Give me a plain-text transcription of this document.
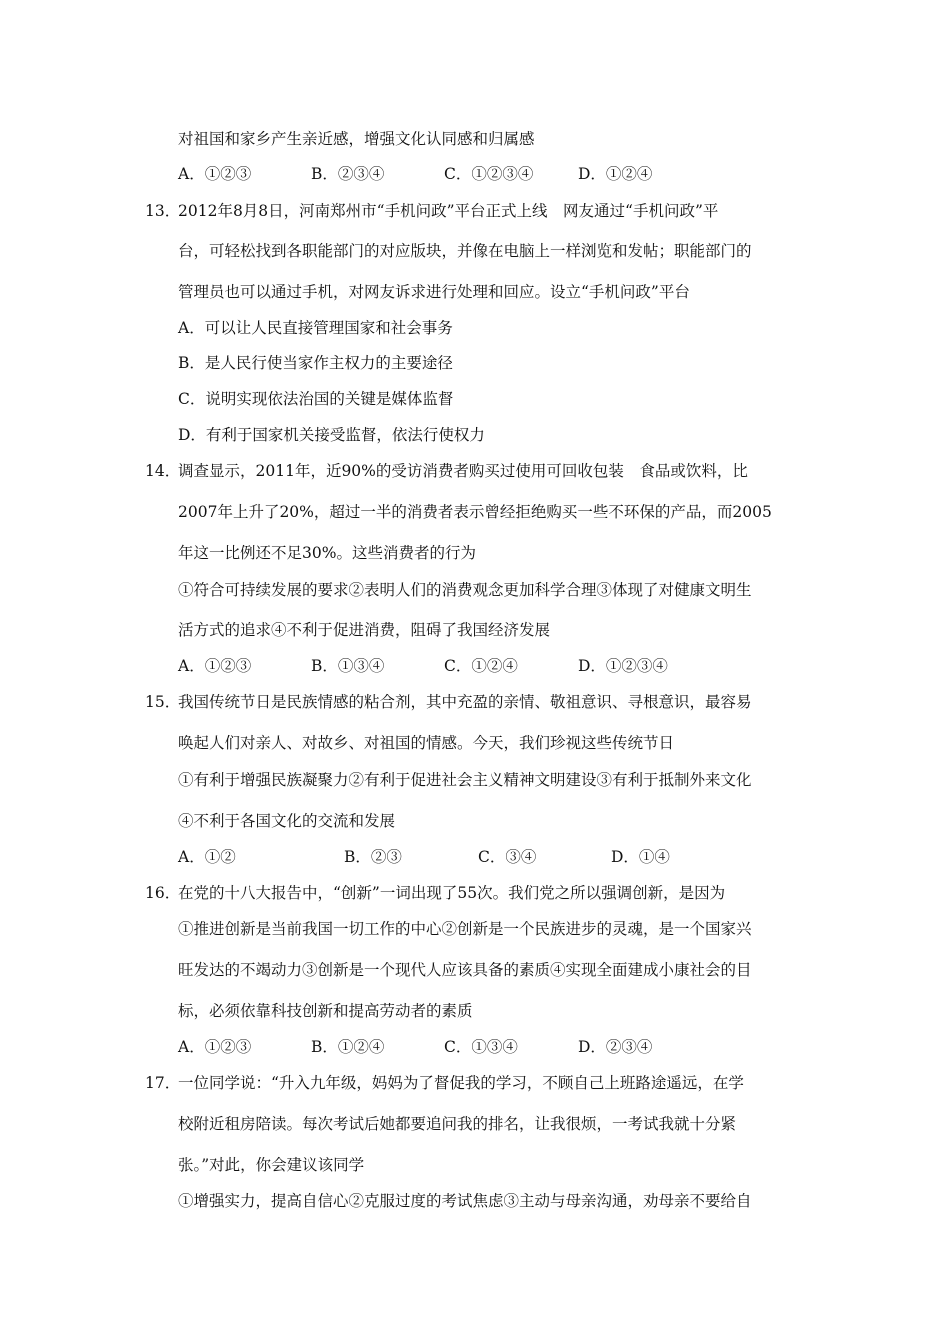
对祖国和家乡产生亲近感，增强文化认同感和归属感
A．①②③	B．②③④	C．①②③④	D．①②④
13．
2012年8月8日，河南郑州市“手机问政”平台正式上线　网友通过“手机问政”平
台，可轻松找到各职能部门的对应版块，并像在电脑上一样浏览和发帖；职能部门的
管理员也可以通过手机，对网友诉求进行处理和回应。设立“手机问政”平台
A．可以让人民直接管理国家和社会事务
B．是人民行使当家作主权力的主要途径
C．说明实现依法治国的关键是媒体监督
D．有利于国家机关接受监督，依法行使权力
14．
调查显示，2011年，近90%的受访消费者购买过使用可回收包装　食品或饮料，比
2007年上升了20%，超过一半的消费者表示曾经拒绝购买一些不环保的产品，而2005
年这一比例还不足30%。这些消费者的行为
①符合可持续发展的要求②表明人们的消费观念更加科学合理③体现了对健康文明生
活方式的追求④不利于促进消费，阻碍了我国经济发展
A．①②③	B．①③④	C．①②④	D．①②③④
15．
我国传统节日是民族情感的粘合剂，其中充盈的亲情、敬祖意识、寻根意识，最容易
唤起人们对亲人、对故乡、对祖国的情感。今天，我们珍视这些传统节日
①有利于增强民族凝聚力②有利于促进社会主义精神文明建设③有利于抵制外来文化
④不利于各国文化的交流和发展
A．①②	B．②③	C．③④	D．①④
16．
在党的十八大报告中，“创新”一词出现了55次。我们党之所以强调创新，是因为
①推进创新是当前我国一切工作的中心②创新是一个民族进步的灵魂，是一个国家兴
旺发达的不竭动力③创新是一个现代人应该具备的素质④实现全面建成小康社会的目
标，必须依靠科技创新和提高劳动者的素质
A．①②③	B．①②④	C．①③④	D．②③④
17．
一位同学说：“升入九年级，妈妈为了督促我的学习，不顾自己上班路途遥远，在学
校附近租房陪读。每次考试后她都要追问我的排名，让我很烦，一考试我就十分紧
张。”对此，你会建议该同学
①增强实力，提高自信心②克服过度的考试焦虑③主动与母亲沟通，劝母亲不要给自
